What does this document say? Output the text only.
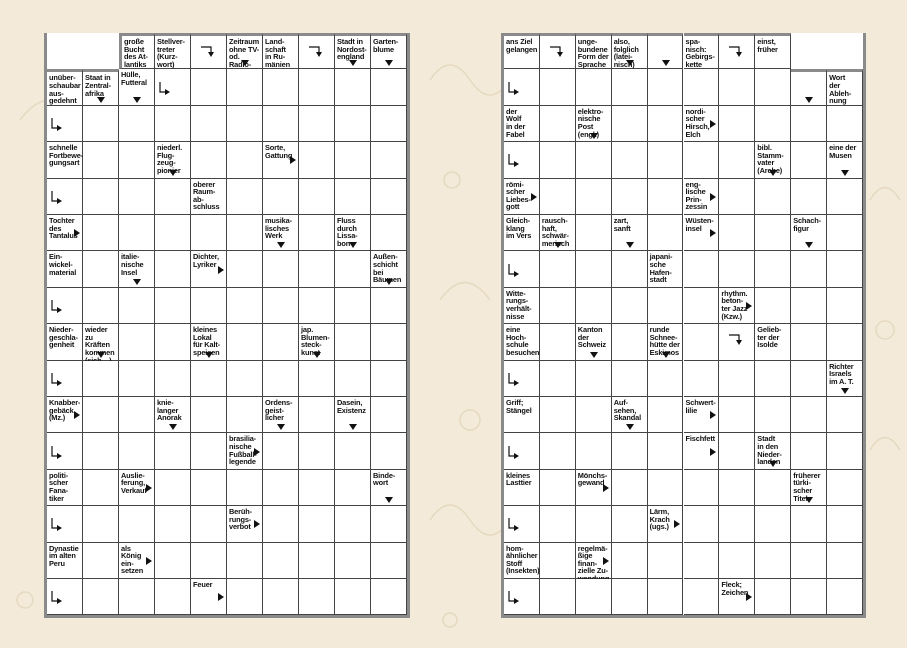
große
Bucht
des At-
lantiks
Stellver-
treter
(Kurz-
wort)
Zeitraum
ohne TV-
od. Radio-

Land-
schaft
in Ru-
mänien
Stadt in
Nordost-
england
Garten-
blume
unüber-
schaubar
aus-
gedehnt
Staat in
Zentral-
afrika
Hülle,
Futteral
schnelle
Fortbewe-
gungsart
niederl.
Flug-
zeug-
pionier
Sorte,
Gattung
oberer
Raum-
ab-
schluss
Tochter
des
Tantalus
musika-
lisches
Werk
Fluss
durch
Lissa-
bon
Ein-
wickel-
material
italie-
nische
Insel
Dichter,
Lyriker
Außen-
schicht
bei
Bäumen
Nieder-
geschla-
genheit
wieder zu
Kräften
kommen

kleines
Lokal
für Kalt-
speisen
jap.
Blumen-
steck-
kunst
Knabber-
gebäck
(Mz.)
knie-
langer
Anorak
Ordens-
geist-
licher
Dasein,
Existenz
brasilia-
nische
Fußball-
legende
politi-
scher
Fana-
tiker
Auslie-
ferung,
Verkauf
Binde-
wort
Berüh-
rungs-
verbot
Dynastie
im alten
Peru
als
König
ein-
setzen
Feuer
ans Ziel
gelangen
unge-
bundene
Form der
Sprache
also,
folglich
(latei-
nisch)
spa-
nisch:
Gebirgs-
kette
einst,
früher
Wort
der
Ableh-
nung
der
Wolf
in der
Fabel
elektro-
nische
Post
(engl.)
nordi-
scher
Hirsch,
Elch
bibl.
Stamm-
vater
(Arche)
eine der
Musen
römi-
scher
Liebes-
gott
eng-
lische
Prin-
zessin
Gleich-
klang
im Vers
rausch-
haft,
schwär-
merisch
zart,
sanft
Wüsten-
insel
Schach-
figur
japani-
sche
Hafen-
stadt
Witte-
rungs-
verhält-
nisse
rhythm.
beton-
ter Jazz
(Kzw.)
eine
Hoch-
schule
besuchen
Kanton
der
Schweiz
runde
Schnee-
hütte der
Eskimos
Gelieb-
ter der
Isolde
Richter
Israels
im A. T.
Griff;
Stängel
Auf-
sehen,
Skandal
Schwert-
lilie
Fischfett	Stadt
in den
Nieder-
landen
kleines
Lasttier
Mönchs-
gewand
früherer
türki-
scher
Titel
Lärm,
Krach
(ugs.)
hom-
ähnlicher
Stoff
(Insekten)
regelmä-
ßige finan-
zielle Zu-

Fleck;
Zeichen
